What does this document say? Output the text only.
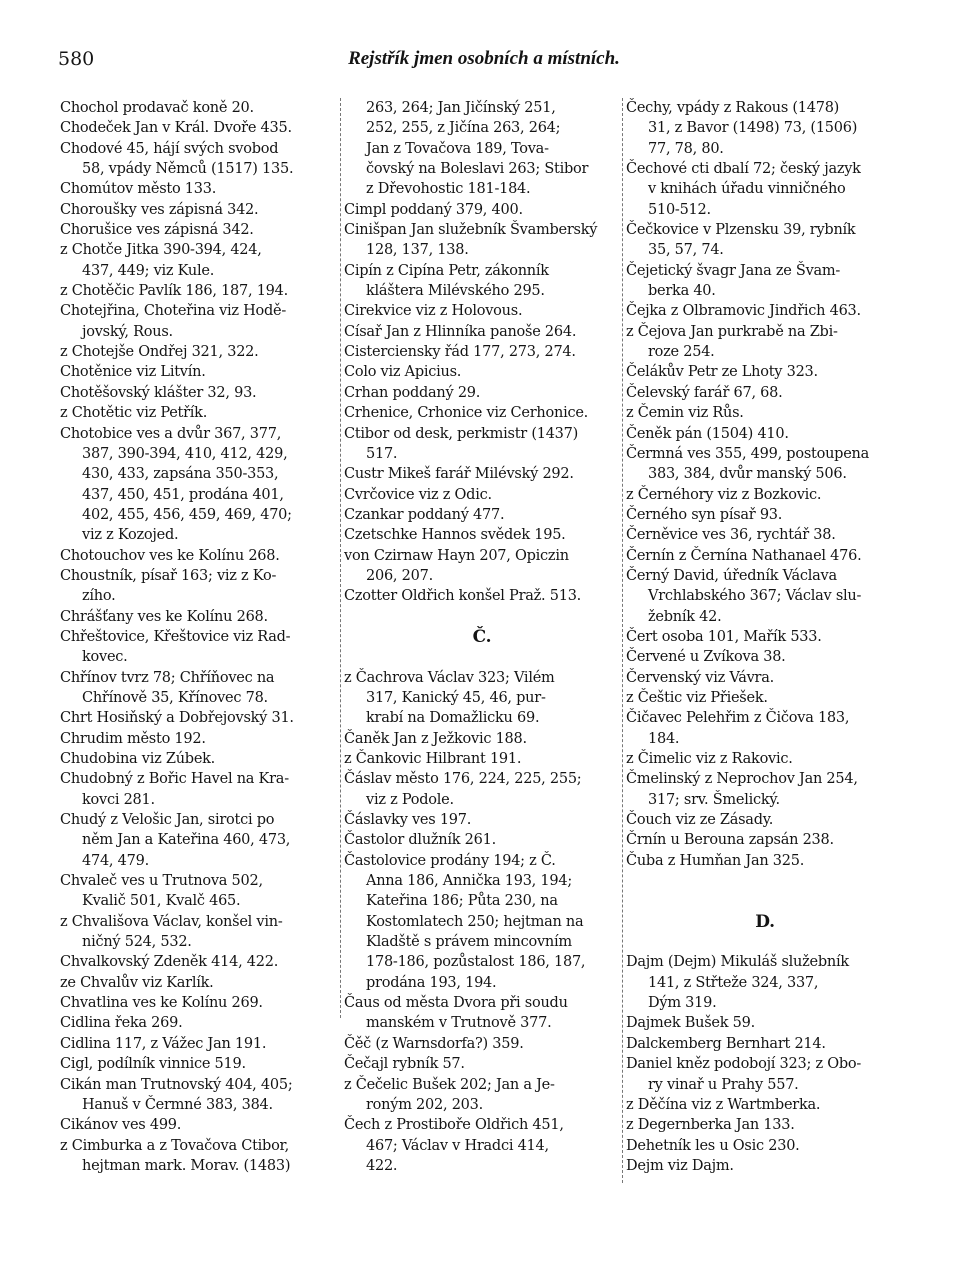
580	Rejstřík jmen osobních a místních.
Chochol prodavač koně 20.
Chodeček Jan v Král. Dvoře 435.
Chodové 45, hájí svých svobod
58, vpády Němců (1517) 135.
Chomútov město 133.
Chorouškу ves zápisná 342.
Chorušice ves zápisná 342.
z Chotče Jitka 390-394, 424,
437, 449; viz Kule.
z Chotěčic Pavlík 186, 187, 194.
Chotejřina, Choteřina viz Hodě-
jovský, Rous.
z Chotejše Ondřej 321, 322.
Chotěnice viz Litvín.
Chotěšovský klášter 32, 93.
z Chotětic viz Petřík.
Chotobice ves a dvůr 367, 377,
387, 390-394, 410, 412, 429,
430, 433, zapsána 350-353,
437, 450, 451, prodána 401,
402, 455, 456, 459, 469, 470;
viz z Kozojed.
Chotouchov ves ke Kolínu 268.
Choustník, písař 163; viz z Ko-
zího.
Chrášťany ves ke Kolínu 268.
Chřeštovice, Křeštovice viz Rad-
kovec.
Chřínov tvrz 78; Chříňovec na
Chřínově 35, Křínovec 78.
Chrt Hosiňský a Dobřejovský 31.
Chrudim město 192.
Chudobina viz Zúbek.
Chudobný z Bořic Havel na Kra-
kovci 281.
Chudý z Velošic Jan, sirotci po
něm Jan a Kateřina 460, 473,
474, 479.
Chvaleč ves u Trutnova 502,
Kvalič 501, Kvalč 465.
z Chvališova Václav, konšel vin-
ničný 524, 532.
Chvalkovský Zdeněk 414, 422.
ze Chvalův viz Karlík.
Chvatlina ves ke Kolínu 269.
Cidlina řeka 269.
Cidlina 117, z Vážec Jan 191.
Cigl, podílník vinnice 519.
Cikán man Trutnovský 404, 405;
Hanuš v Čermné 383, 384.
Cikánov ves 499.
z Cimburka a z Tovačova Ctibor,
hejtman mark. Morav. (1483)
263, 264; Jan Jičínský 251,
252, 255, z Jičína 263, 264;
Jan z Tovačova 189, Tova-
čovský na Boleslavi 263; Stibor
z Dřevohostic 181-184.
Cimpl poddaný 379, 400.
Cinišpan Jan služebník Švamberský
128, 137, 138.
Cipín z Cipína Petr, zákonník
kláštera Milévského 295.
Cirekvice viz z Holovous.
Císař Jan z Hlinníka panoše 264.
Cisterciensky řád 177, 273, 274.
Colo viz Apicius.
Crhan poddaný 29.
Crhenice, Crhonice viz Cerhonice.
Ctibor od desk, perkmistr (1437)
517.
Custr Mikeš farář Milévský 292.
Cvrčovice viz z Odic.
Czankar poddaný 477.
Czetschke Hannos svědek 195.
von Czirnaw Hayn 207, Opiczin
206, 207.
Czotter Oldřich konšel Praž. 513.
Č.
z Čachrova Václav 323; Vilém
317, Kanický 45, 46, pur-
krabí na Domažlicku 69.
Čaněk Jan z Ježkovic 188.
z Čankovic Hilbrant 191.
Čáslav město 176, 224, 225, 255;
viz z Podole.
Čáslavky ves 197.
Častolor dlužník 261.
Častolovice prodány 194; z Č.
Anna 186, Annička 193, 194;
Kateřina 186; Půta 230, na
Kostomlatech 250; hejtman na
Kladště s právem mincovním
178-186, pozůstalost 186, 187,
prodána 193, 194.
Čaus od města Dvora při soudu
manském v Trutnově 377.
Čěč (z Warnsdorfa?) 359.
Čečajl rybník 57.
z Čečelic Bušek 202; Jan a Je-
roným 202, 203.
Čech z Prostiboře Oldřich 451,
467; Václav v Hradci 414,
422.
Čechy, vpády z Rakous (1478)
31, z Bavor (1498) 73, (1506)
77, 78, 80.
Čechové cti dbalí 72; český jazyk
v knihách úřadu vinničného
510-512.
Čečkovice v Plzensku 39, rybník
35, 57, 74.
Čejetický švagr Jana ze Švam-
berka 40.
Čejka z Olbramovic Jindřich 463.
z Čejova Jan purkrabě na Zbi-
roze 254.
Čelákův Petr ze Lhoty 323.
Čelevský farář 67, 68.
z Čemin viz Růs.
Čeněk pán (1504) 410.
Čermná ves 355, 499, postoupena
383, 384, dvůr manský 506.
z Černéhory viz z Bozkovic.
Černého syn písař 93.
Černěvice ves 36, rychtář 38.
Černín z Černína Nathanael 476.
Černý David, úředník Václava
Vrchlabského 367; Václav slu-
žebník 42.
Čert osoba 101, Mařík 533.
Červené u Zvíkova 38.
Červenský viz Vávra.
z Češtic viz Přiešek.
Čičavec Pelehřim z Čičova 183,
184.
z Čimelic viz z Rakovic.
Čmelinský z Neprochov Jan 254,
317; srv. Šmelický.
Čouch viz ze Zásady.
Črnín u Berouna zapsán 238.
Čuba z Humňan Jan 325.
D.
Dajm (Dejm) Mikuláš služebník
141, z Střteže 324, 337,
Dým 319.
Dajmek Bušek 59.
Dalckemberg Bernhart 214.
Daniel kněz podobojí 323; z Obo-
ry vinař u Prahy 557.
z Děčína viz z Wartmberka.
z Degernberka Jan 133.
Dehetník les u Osic 230.
Dejm viz Dajm.
